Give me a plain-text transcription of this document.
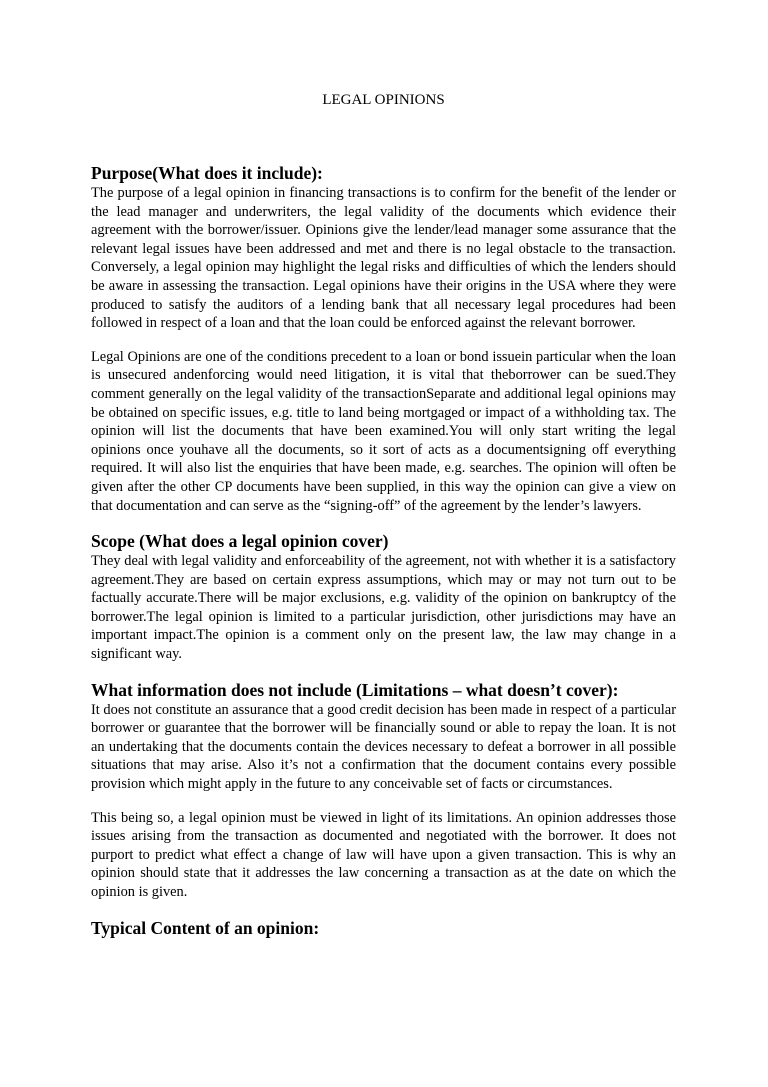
LEGAL OPINIONS
Purpose(What does it include):

The purpose of a legal opinion in financing transactions is to confirm for the benefit of the lender or the lead manager and underwriters, the legal validity of the documents which evidence their agreement with the borrower/issuer. Opinions give the lender/lead manager some assurance that the relevant legal issues have been addressed and met and there is no legal obstacle to the transaction. Conversely, a legal opinion may highlight the legal risks and difficulties of which the lenders should be aware in assessing the transaction. Legal opinions have their origins in the USA where they were produced to satisfy the auditors of a lending bank that all necessary legal procedures had been followed in respect of a loan and that the loan could be enforced against the relevant borrower.

Legal Opinions are one of the conditions precedent to a loan or bond issuein particular when the loan is unsecured andenforcing would need litigation, it is vital that theborrower can be sued.They comment generally on the legal validity of the transactionSeparate and additional legal opinions may be obtained on specific issues, e.g. title to land being mortgaged or impact of a withholding tax. The opinion will list the documents that have been examined.You will only start writing the legal opinions once youhave all the documents, so it sort of acts as a documentsigning off everything required. It will also list the enquiries that have been made, e.g. searches. The opinion will often be given after the other CP documents have been supplied, in this way the opinion can give a view on that documentation and can serve as the “signing-off” of the agreement by the lender’s lawyers.

Scope (What does a legal opinion cover)

They deal with legal validity and enforceability of the agreement, not with whether it is a satisfactory agreement.They are based on certain express assumptions, which may or may not turn out to be factually accurate.There will be major exclusions, e.g. validity of the opinion on bankruptcy of the borrower.The legal opinion is limited to a particular jurisdiction, other jurisdictions may have an important impact.The opinion is a comment only on the present law, the law may change in a significant way.

What information does not include (Limitations – what doesn’t cover):

It does not constitute an assurance that a good credit decision has been made in respect of a particular borrower or guarantee that the borrower will be financially sound or able to repay the loan. It is not an undertaking that the documents contain the devices necessary to defeat a borrower in all possible situations that may arise. Also it’s not a confirmation that the document contains every possible provision which might apply in the future to any conceivable set of facts or circumstances.

This being so, a legal opinion must be viewed in light of its limitations. An opinion addresses those issues arising from the transaction as documented and negotiated with the borrower. It does not purport to predict what effect a change of law will have upon a given transaction. This is why an opinion should state that it addresses the law concerning a transaction as at the date on which the opinion is given.

Typical Content of an opinion:
